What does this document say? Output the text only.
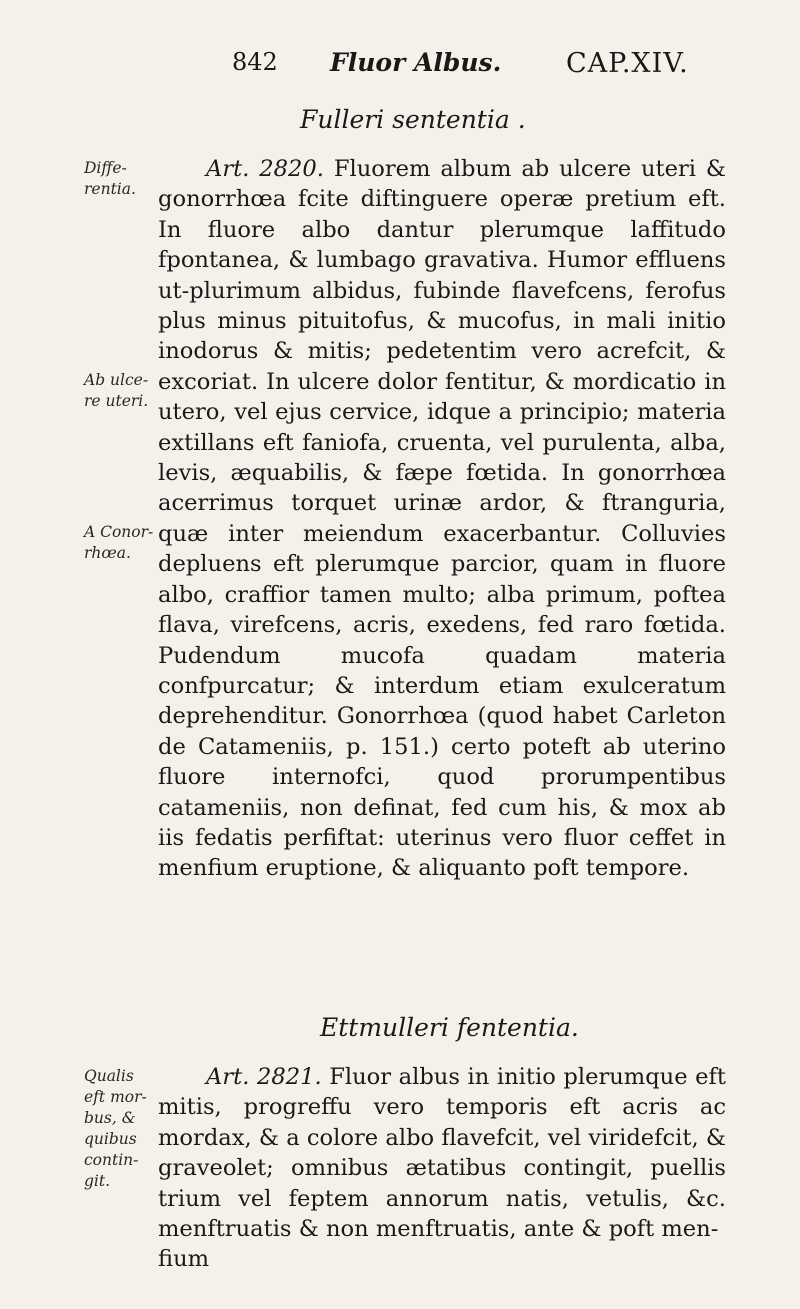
842 Fluor Albus. CAP.XIV.
Fulleri sententia .
Diffe-
rentia.
Ab ulce-
re uteri.
A Conor-
rhœa.

Art. 2820. Fluorem album ab ulcere uteri & gonorrhœa fcite diftinguere operæ pretium eft. In fluore albo dantur plerumque laffitudo fpontanea, & lumbago gravativa. Humor effluens ut-plurimum albidus, fubinde flavefcens, ferofus plus minus pituitofus, & mucofus, in mali initio inodorus & mitis; pedetentim vero acrefcit, & excoriat. In ulcere dolor fentitur, & mordicatio in utero, vel ejus cervice, idque a principio; materia extillans eft faniofa, cruenta, vel purulenta, alba, levis, æquabilis, & fæpe fœtida. In gonorrhœa acerrimus torquet urinæ ardor, & ftranguria, quæ inter meiendum exacerbantur. Colluvies depluens eft plerumque parcior, quam in fluore albo, craffior tamen multo; alba primum, poftea flava, virefcens, acris, exedens, fed raro fœtida. Pudendum mucofa quadam materia confpurcatur; & interdum etiam exulceratum deprehenditur. Gonorrhœa (quod habet Carleton de Catameniis, p. 151.) certo poteft ab uterino fluore internofci, quod prorumpentibus catameniis, non definat, fed cum his, & mox ab iis fedatis perfiftat: uterinus vero fluor ceffet in menfium eruptione, & aliquanto poft tempore.

Ettmulleri fententia.
Qualis
eft mor-
bus, &
quibus
contin-
git.

Art. 2821. Fluor albus in initio plerumque eft mitis, progreffu vero temporis eft acris ac mordax, & a colore albo flavefcit, vel viridefcit, & graveolet; omnibus ætatibus contingit, puellis trium vel feptem annorum natis, vetulis, &c. menftruatis & non menftruatis, ante & poft men-

fium
